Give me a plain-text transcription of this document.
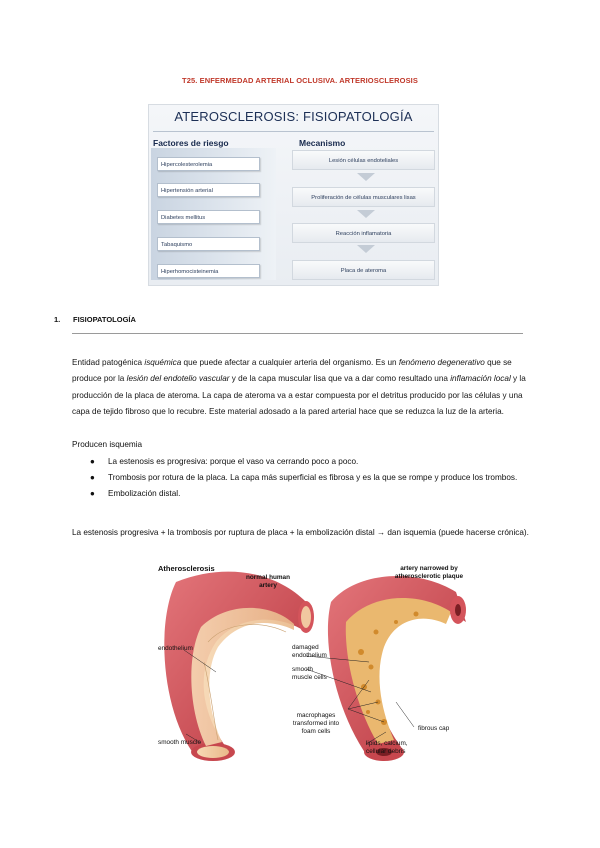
T25. ENFERMEDAD ARTERIAL OCLUSIVA. ARTERIOSCLEROSIS
ATEROSCLEROSIS: FISIOPATOLOGÍA
Factores de riesgo	Mecanismo
Hipercolesterolemia
Hipertensión arterial
Diabetes mellitus
Tabaquismo
Hiperhomocisteinemia
Lesión células endoteliales
Proliferación de células musculares lisas
Reacción inflamatoria
Placa de ateroma
1. FISIOPATOLOGÍA
Entidad patogénica isquémica que puede afectar a cualquier arteria del organismo. Es un fenómeno degenerativo que se produce por la lesión del endotelio vascular y de la capa muscular lisa que va a dar como resultado una inflamación local y la producción de la placa de ateroma. La capa de ateroma va a estar compuesta por el detritus producido por las células y una capa de tejido fibroso que lo recubre. Este material adosado a la pared arterial hace que se reduzca la luz de la arteria.
Producen isquemia
● La estenosis es progresiva: porque el vaso va cerrando poco a poco.
● Trombosis por rotura de la placa. La capa más superficial es fibrosa y es la que se rompe y produce los trombos.
● Embolización distal.
La estenosis progresiva + la trombosis por ruptura de placa + la embolización distal → dan isquemia (puede hacerse crónica).
Atherosclerosis
normal human artery
artery narrowed by atherosclerotic plaque
endothelium
smooth muscle
damaged endothelium
smooth muscle cells
fibrous cap
macrophages transformed into foam cells
lipids, calcium, cellular debris
